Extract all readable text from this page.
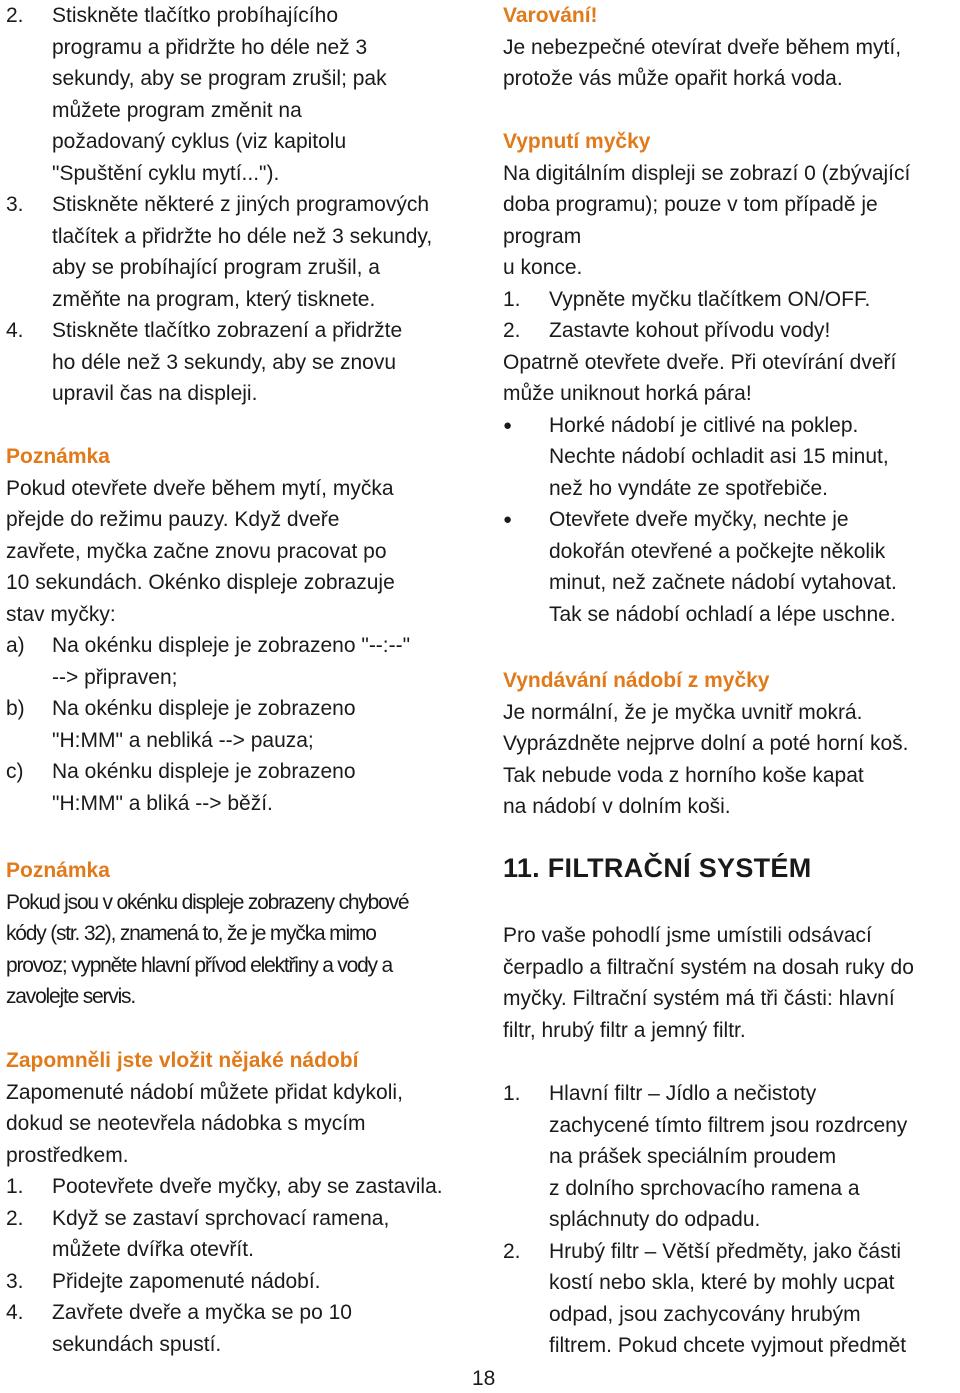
2.	Stiskněte tlačítko probíhajícího
programu a přidržte ho déle než 3
sekundy, aby se program zrušil; pak
můžete program změnit na
požadovaný cyklus (viz kapitolu
"Spuštění cyklu mytí...").
3.	Stiskněte některé z jiných programových
tlačítek a přidržte ho déle než 3 sekundy,
aby se probíhající program zrušil, a
změňte na program, který tisknete.
4.	Stiskněte tlačítko zobrazení a přidržte
ho déle než 3 sekundy, aby se znovu
upravil čas na displeji.

Poznámka

Pokud otevřete dveře během mytí, myčka

přejde do režimu pauzy. Když dveře

zavřete, myčka začne znovu pracovat po

10 sekundách. Okénko displeje zobrazuje

stav myčky:

a)	Na okénku displeje je zobrazeno "--:--"
--> připraven;
b)	Na okénku displeje je zobrazeno
"H:MM" a nebliká --> pauza;
c)	Na okénku displeje je zobrazeno
"H:MM" a bliká --> běží.

Poznámka

Pokud jsou v okénku displeje zobrazeny chybové

kódy (str. 32), znamená to, že je myčka mimo

provoz; vypněte hlavní přívod elektřiny a vody a

zavolejte servis.

Zapomněli jste vložit nějaké nádobí

Zapomenuté nádobí můžete přidat kdykoli,

dokud se neotevřela nádobka s mycím

prostředkem.

1.	Pootevřete dveře myčky, aby se zastavila.
2.	Když se zastaví sprchovací ramena,
můžete dvířka otevřít.
3.	Přidejte zapomenuté nádobí.
4.	Zavřete dveře a myčka se po 10
sekundách spustí.

Varování!

Je nebezpečné otevírat dveře během mytí,

protože vás může opařit horká voda.

Vypnutí myčky

Na digitálním displeji se zobrazí 0 (zbývající

doba programu); pouze v tom případě je

program

u konce.

1.	Vypněte myčku tlačítkem ON/OFF.
2.	Zastavte kohout přívodu vody!

Opatrně otevřete dveře. Při otevírání dveří

může uniknout horká pára!

●	Horké nádobí je citlivé na poklep.
Nechte nádobí ochladit asi 15 minut,
než ho vyndáte ze spotřebiče.
●	Otevřete dveře myčky, nechte je
dokořán otevřené a počkejte několik
minut, než začnete nádobí vytahovat.
Tak se nádobí ochladí a lépe uschne.

Vyndávání nádobí z myčky

Je normální, že je myčka uvnitř mokrá.

Vyprázdněte nejprve dolní a poté horní koš.

Tak nebude voda z horního koše kapat

na nádobí v dolním koši.

11. FILTRAČNÍ SYSTÉM

Pro vaše pohodlí jsme umístili odsávací

čerpadlo a filtrační systém na dosah ruky do

myčky. Filtrační systém má tři části: hlavní

filtr, hrubý filtr a jemný filtr.

1.	Hlavní filtr – Jídlo a nečistoty
zachycené tímto filtrem jsou rozdrceny
na prášek speciálním proudem
z dolního sprchovacího ramena a
spláchnuty do odpadu.
2.	Hrubý filtr – Větší předměty, jako části
kostí nebo skla, které by mohly ucpat
odpad, jsou zachycovány hrubým
filtrem. Pokud chcete vyjmout předmět
18
